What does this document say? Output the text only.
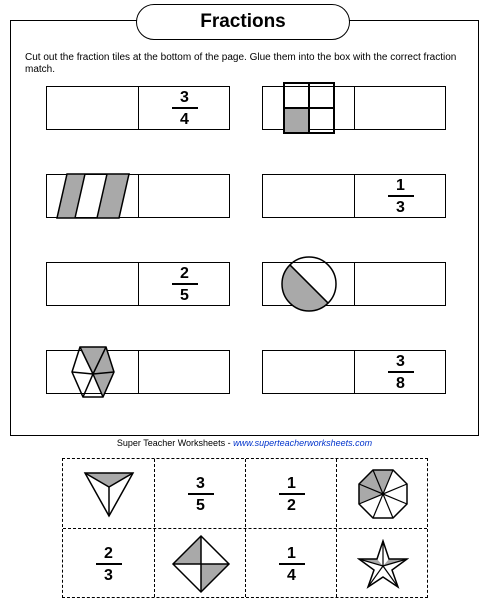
Fractions
Cut out the fraction tiles at the bottom of the page. Glue them into the box with the correct fraction match.
$\frac{3}{4}$
$\frac{1}{3}$
$\frac{2}{5}$
$\frac{3}{8}$
Super Teacher Worksheets - www.superteacherworksheets.com
$\frac{3}{5}$	$\frac{1}{2}$
$\frac{2}{3}$	$\frac{1}{4}$
